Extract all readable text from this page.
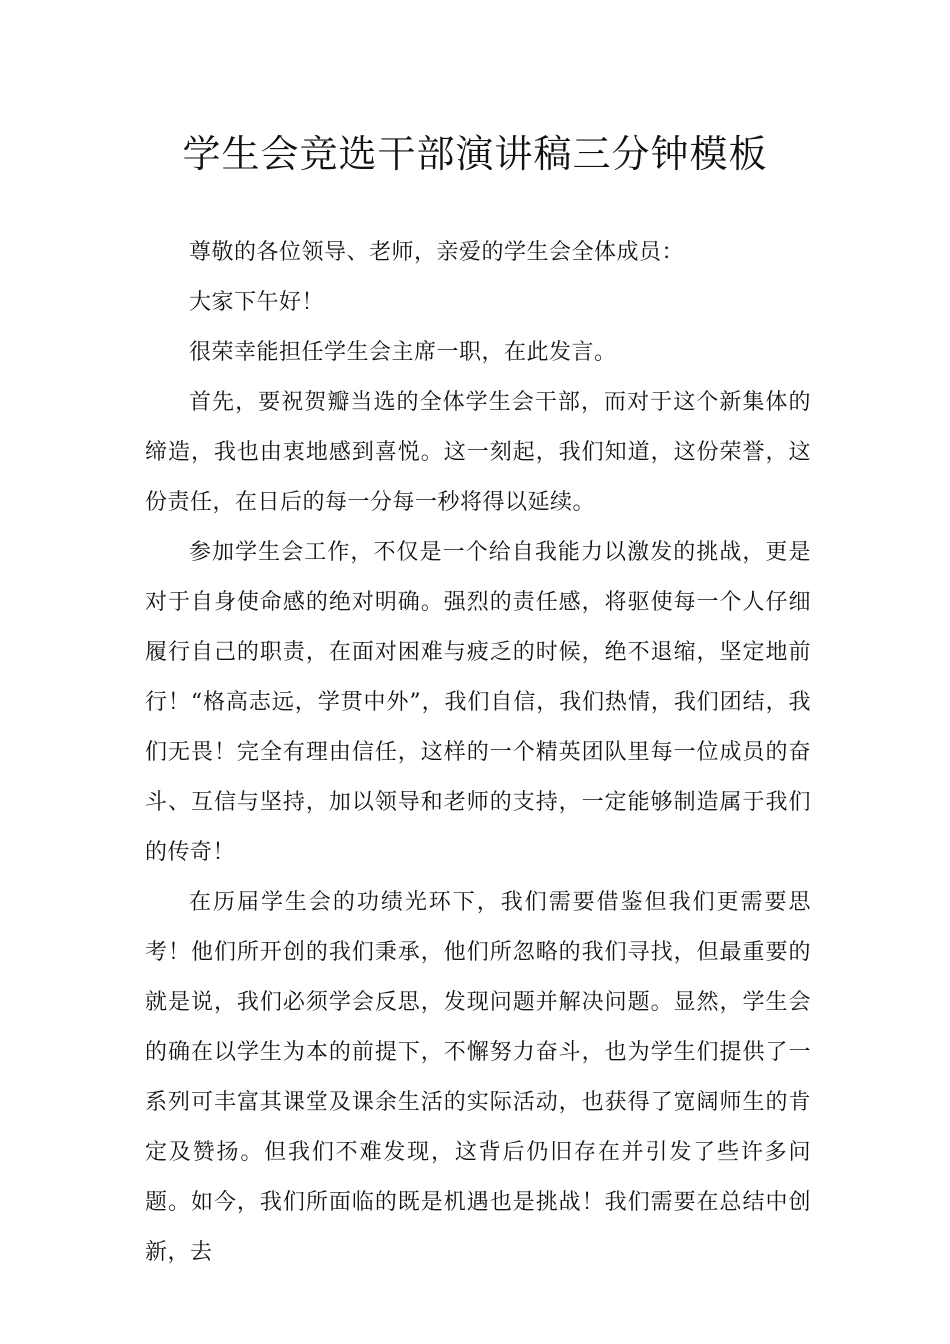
学生会竞选干部演讲稿三分钟模板

尊敬的各位领导、老师，亲爱的学生会全体成员：

大家下午好！

很荣幸能担任学生会主席一职，在此发言。

首先，要祝贺瓣当选的全体学生会干部，而对于这个新集体的缔造，我也由衷地感到喜悦。这一刻起，我们知道，这份荣誉，这份责任，在日后的每一分每一秒将得以延续。

参加学生会工作，不仅是一个给自我能力以激发的挑战，更是对于自身使命感的绝对明确。强烈的责任感，将驱使每一个人仔细履行自己的职责，在面对困难与疲乏的时候，绝不退缩，坚定地前行！“格高志远，学贯中外”，我们自信，我们热情，我们团结，我们无畏！完全有理由信任，这样的一个精英团队里每一位成员的奋斗、互信与坚持，加以领导和老师的支持，一定能够制造属于我们的传奇！

在历届学生会的功绩光环下，我们需要借鉴但我们更需要思考！他们所开创的我们秉承，他们所忽略的我们寻找，但最重要的就是说，我们必须学会反思，发现问题并解决问题。显然，学生会的确在以学生为本的前提下，不懈努力奋斗，也为学生们提供了一系列可丰富其课堂及课余生活的实际活动，也获得了宽阔师生的肯定及赞扬。但我们不难发现，这背后仍旧存在并引发了些许多问题。如今，我们所面临的既是机遇也是挑战！我们需要在总结中创新，去
